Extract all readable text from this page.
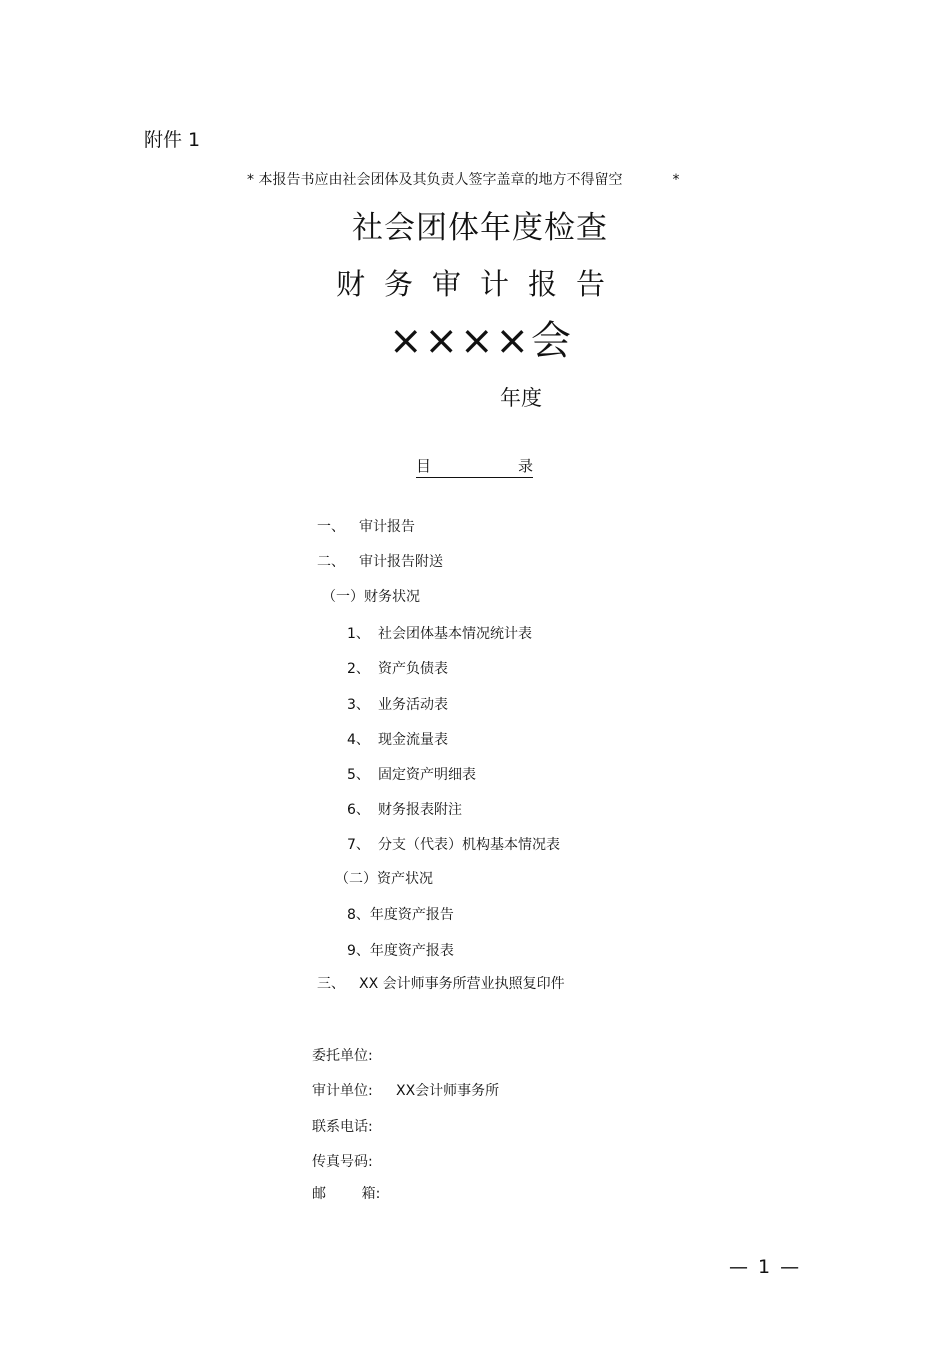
附件 1
* 本报告书应由社会团体及其负责人签字盖章的地方不得留空	*
社会团体年度检查
财务审计报告
××××会
年度
目	录
一、 审计报告
二、 审计报告附送
（一）财务状况
1、 社会团体基本情况统计表
2、 资产负债表
3、 业务活动表
4、 现金流量表
5、 固定资产明细表
6、 财务报表附注
7、 分支（代表）机构基本情况表
（二）资产状况
8、年度资产报告
9、年度资产报表
三、 XX 会计师事务所营业执照复印件
委托单位:
审计单位: XX会计师事务所
联系电话:
传真号码:
邮        箱:
— 1 —
